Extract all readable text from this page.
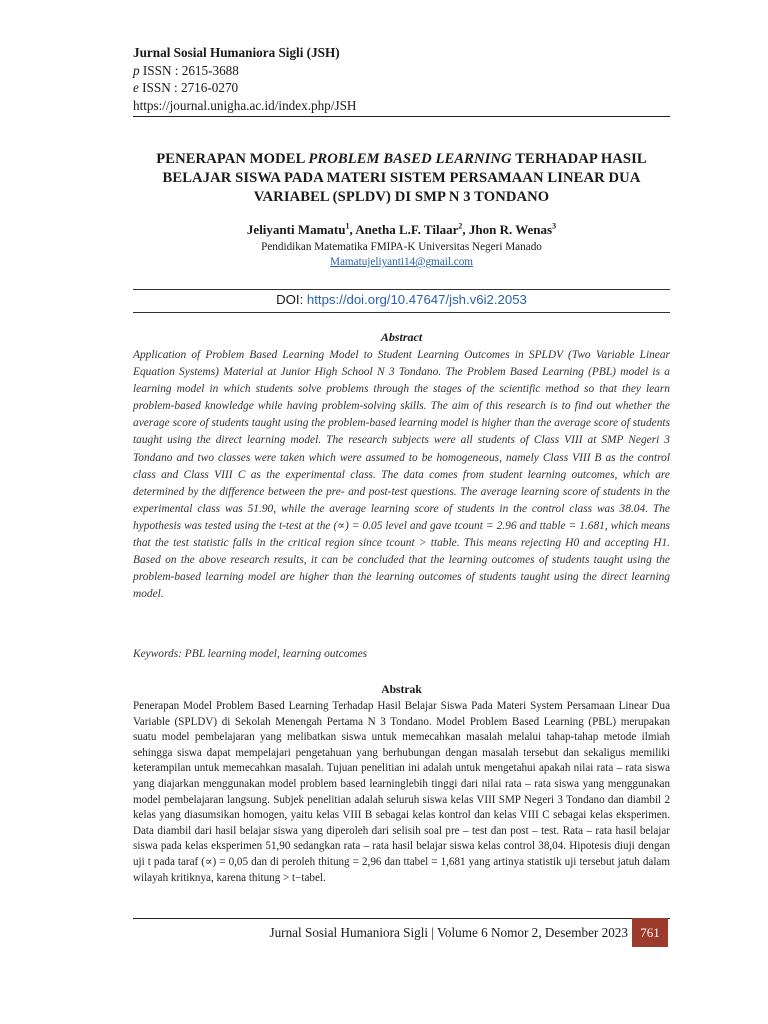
Jurnal Sosial Humaniora Sigli (JSH)
p ISSN : 2615-3688
e ISSN : 2716-0270
https://journal.unigha.ac.id/index.php/JSH
PENERAPAN MODEL PROBLEM BASED LEARNING TERHADAP HASIL BELAJAR SISWA PADA MATERI SISTEM PERSAMAAN LINEAR DUA VARIABEL (SPLDV) DI SMP N 3 TONDANO
Jeliyanti Mamatu$^1$, Anetha L.F. Tilaar$^2$, Jhon R. Wenas$^3$
Pendidikan Matematika FMIPA-K Universitas Negeri Manado
Mamatujeliyanti14@gmail.com
DOI: https://doi.org/10.47647/jsh.v6i2.2053
Abstract
Application of Problem Based Learning Model to Student Learning Outcomes in SPLDV (Two Variable Linear Equation Systems) Material at Junior High School N 3 Tondano. The Problem Based Learning (PBL) model is a learning model in which students solve problems through the stages of the scientific method so that they learn problem-based knowledge while having problem-solving skills. The aim of this research is to find out whether the average score of students taught using the problem-based learning model is higher than the average score of students taught using the direct learning model. The research subjects were all students of Class VIII at SMP Negeri 3 Tondano and two classes were taken which were assumed to be homogeneous, namely Class VIII B as the control class and Class VIII C as the experimental class. The data comes from student learning outcomes, which are determined by the difference between the pre- and post-test questions. The average learning score of students in the experimental class was 51.90, while the average learning score of students in the control class was 38.04. The hypothesis was tested using the t-test at the (∝) = 0.05 level and gave tcount = 2.96 and ttable = 1.681, which means that the test statistic falls in the critical region since tcount > ttable. This means rejecting H0 and accepting H1. Based on the above research results, it can be concluded that the learning outcomes of students taught using the problem-based learning model are higher than the learning outcomes of students taught using the direct learning model.
Keywords: PBL learning model, learning outcomes
Abstrak
Penerapan Model Problem Based Learning Terhadap Hasil Belajar Siswa Pada Materi System Persamaan Linear Dua Variable (SPLDV) di Sekolah Menengah Pertama N 3 Tondano. Model Problem Based Learning (PBL) merupakan suatu model pembelajaran yang melibatkan siswa untuk memecahkan masalah melalui tahap-tahap metode ilmiah sehingga siswa dapat mempelajari pengetahuan yang berhubungan dengan masalah tersebut dan sekaligus memiliki keterampilan untuk memecahkan masalah. Tujuan penelitian ini adalah untuk mengetahui apakah nilai rata – rata siswa yang diajarkan menggunakan model problem based learninglebih tinggi dari nilai rata – rata siswa yang menggunakan model pembelajaran langsung. Subjek penelitian adalah seluruh siswa kelas VIII SMP Negeri 3 Tondano dan diambil 2 kelas yang diasumsikan homogen, yaitu kelas VIII B sebagai kelas kontrol dan kelas VIII C sebagai kelas eksperimen. Data diambil dari hasil belajar siswa yang diperoleh dari selisih soal pre – test dan post – test. Rata – rata hasil belajar siswa pada kelas eksperimen 51,90 sedangkan rata – rata hasil belajar siswa kelas control 38,04. Hipotesis diuji dengan uji t pada taraf (∝) = 0,05 dan di peroleh thitung = 2,96 dan ttabel = 1,681 yang artinya statistik uji tersebut jatuh dalam wilayah kritiknya, karena thitung > t−tabel.
Jurnal Sosial Humaniora Sigli | Volume 6 Nomor 2, Desember 2023 761
